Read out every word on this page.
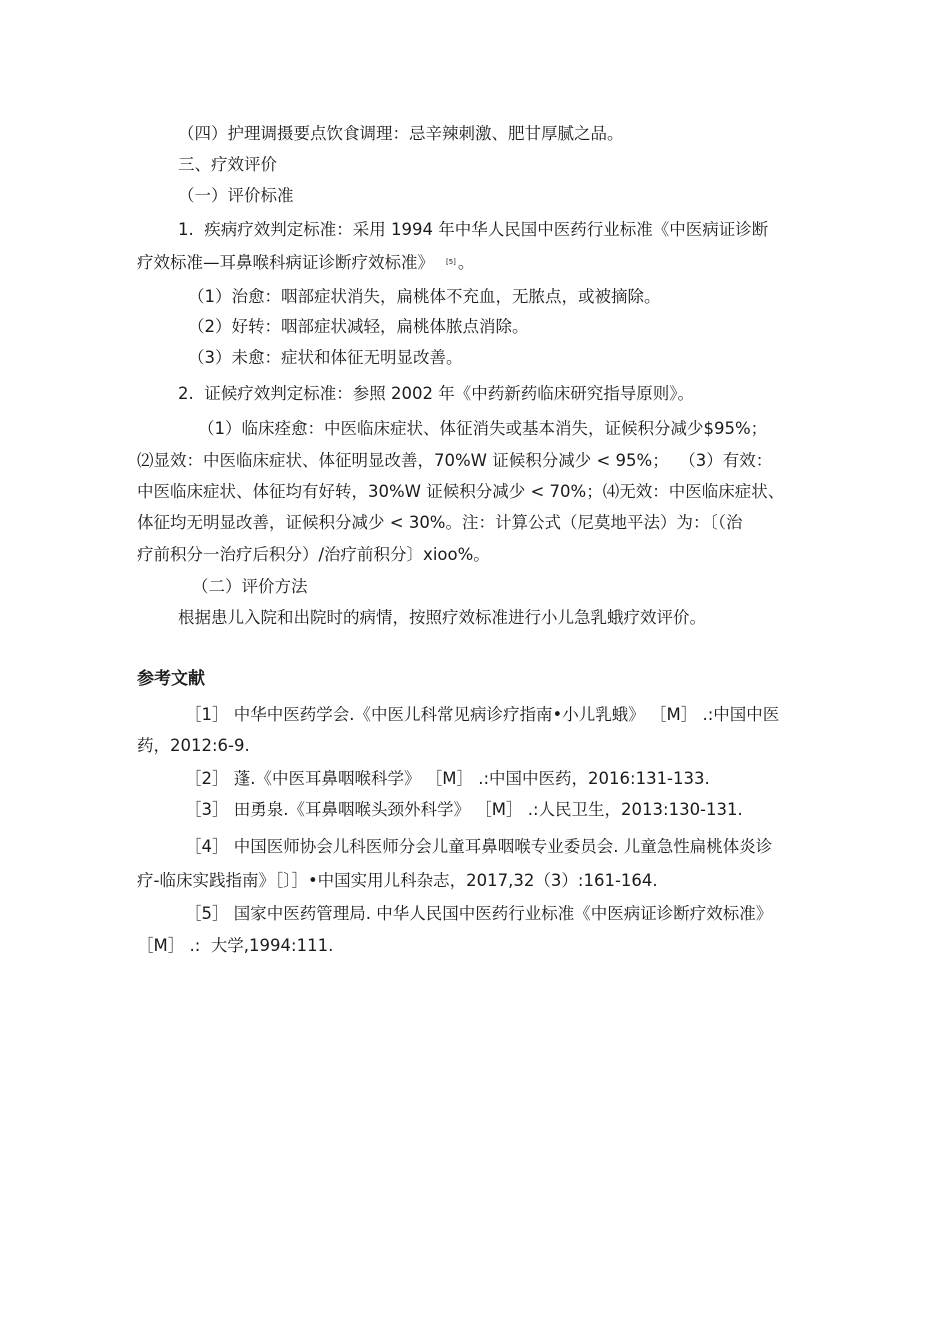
（四）护理调摄要点饮食调理：忌辛辣刺激、肥甘厚腻之品。
三、疗效评价
（一）评价标准
1.  疾病疗效判定标准：采用 1994 年中华人民国中医药行业标准《中医病证诊断
疗效标准—耳鼻喉科病证诊断疗效标准》 [5] 。
（1）治愈：咽部症状消失，扁桃体不充血，无脓点，或被摘除。
（2）好转：咽部症状减轻，扁桃体脓点消除。
（3）未愈：症状和体征无明显改善。
2.  证候疗效判定标准：参照 2002 年《中药新药临床研究指导原则》。
（1）临床痊愈：中医临床症状、体征消失或基本消失，证候积分减少$95%；
⑵显效：中医临床症状、体征明显改善，70%W 证候积分减少 < 95%；  （3）有效：
中医临床症状、体征均有好转，30%W 证候积分减少 < 70%；⑷无效：中医临床症状、
体征均无明显改善，证候积分减少 < 30%。注：计算公式（尼莫地平法）为：〔（治
疗前积分一治疗后积分）/治疗前积分〕xioo%。
（二）评价方法
根据患儿入院和出院时的病情，按照疗效标准进行小儿急乳蛾疗效评价。
参考文献
［1］ 中华中医药学会.《中医儿科常见病诊疗指南•小儿乳蛾》 ［M］ .:中国中医
药，2012:6-9.
［2］ 蓬.《中医耳鼻咽喉科学》 ［M］ .:中国中医药，2016:131-133.
［3］ 田勇泉.《耳鼻咽喉头颈外科学》 ［M］ .:人民卫生，2013:130-131.
［4］ 中国医师协会儿科医师分会儿童耳鼻咽喉专业委员会. 儿童急性扁桃体炎诊
疗-临床实践指南》［〕］•中国实用儿科杂志，2017,32（3）:161-164.
［5］ 国家中医药管理局. 中华人民国中医药行业标准《中医病证诊断疗效标准》
［M］ .:  大学,1994:111.
